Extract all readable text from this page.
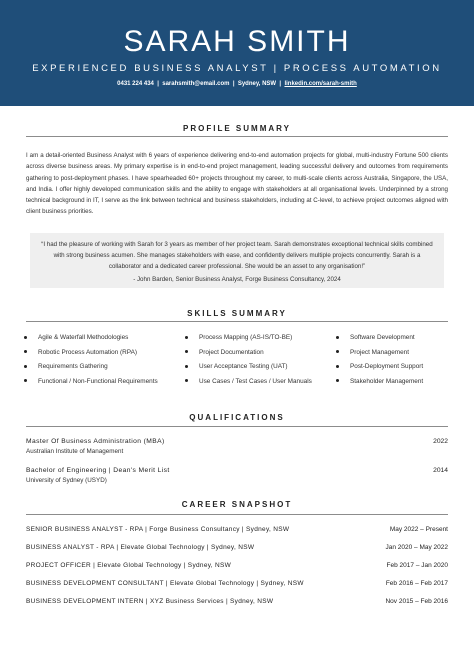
SARAH SMITH
EXPERIENCED BUSINESS ANALYST | PROCESS AUTOMATION
0431 224 434 | sarahsmith@email.com | Sydney, NSW | linkedin.com/sarah-smith
PROFILE SUMMARY
I am a detail-oriented Business Analyst with 6 years of experience delivering end-to-end automation projects for global, multi-industry Fortune 500 clients across diverse business areas. My primary expertise is in end-to-end project management, leading successful delivery and outcomes from requirements gathering to post-deployment phases. I have spearheaded 60+ projects throughout my career, to multi-scale clients across Australia, Singapore, the USA, and India. I offer highly developed communication skills and the ability to engage with stakeholders at all organisational levels. Underpinned by a strong technical background in IT, I serve as the link between technical and business stakeholders, including at C-level, to achieve project outcomes aligned with client business priorities.
“I had the pleasure of working with Sarah for 3 years as member of her project team. Sarah demonstrates exceptional technical skills combined with strong business acumen. She manages stakeholders with ease, and confidently delivers multiple projects concurrently. Sarah is a collaborator and a dedicated career professional. She would be an asset to any organisation!”
- John Barden, Senior Business Analyst, Forge Business Consultancy, 2024
SKILLS SUMMARY
Agile & Waterfall Methodologies
Robotic Process Automation (RPA)
Requirements Gathering
Functional / Non-Functional Requirements
Process Mapping (AS-IS/TO-BE)
Project Documentation
User Acceptance Testing (UAT)
Use Cases / Test Cases / User Manuals
Software Development
Project Management
Post-Deployment Support
Stakeholder Management
QUALIFICATIONS
Master Of Business Administration (MBA)	2022
Australian Institute of Management
Bachelor of Engineering | Dean's Merit List	2014
University of Sydney (USYD)
CAREER SNAPSHOT
SENIOR BUSINESS ANALYST - RPA | Forge Business Consultancy | Sydney, NSW	May 2022 – Present
BUSINESS ANALYST - RPA | Elevate Global Technology | Sydney, NSW	Jan 2020 – May 2022
PROJECT OFFICER | Elevate Global Technology | Sydney, NSW	Feb 2017 – Jan 2020
BUSINESS DEVELOPMENT CONSULTANT | Elevate Global Technology | Sydney, NSW	Feb 2016 – Feb 2017
BUSINESS DEVELOPMENT INTERN | XYZ Business Services | Sydney, NSW	Nov 2015 – Feb 2016
